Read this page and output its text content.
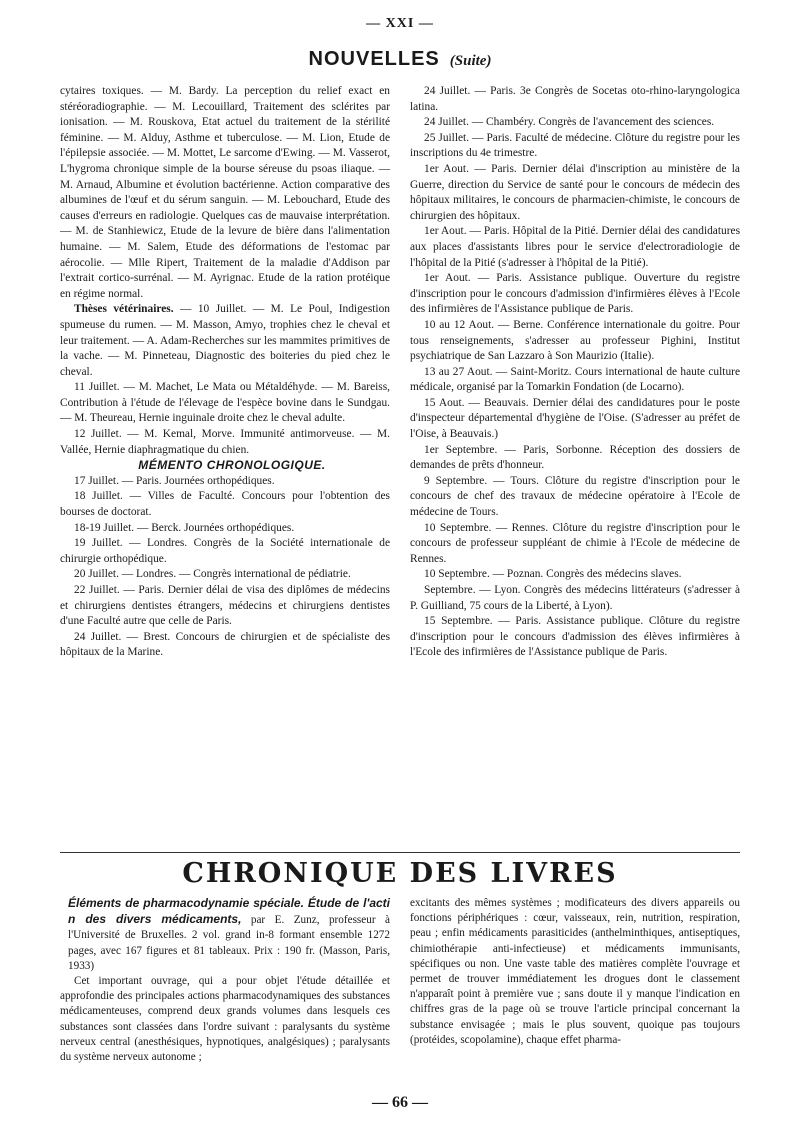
— XXI —
NOUVELLES (Suite)

cytaires toxiques. — M. Bardy. La perception du relief exact en stéréoradiographie. — M. Lecouillard, Traitement des sclérites par ionisation. — M. Rouskova, Etat actuel du traitement de la stérilité féminine. — M. Alduy, Asthme et tuberculose. — M. Lion, Etude de l'épilepsie associée. — M. Mottet, Le sarcome d'Ewing. — M. Vasserot, L'hygroma chronique simple de la bourse séreuse du psoas iliaque. — M. Arnaud, Albumine et évolution bactérienne. Action comparative des albumines de l'œuf et du sérum sanguin. — M. Lebouchard, Etude des causes d'erreurs en radiologie. Quelques cas de mauvaise interprétation. — M. de Stanhiewicz, Etude de la levure de bière dans l'alimentation humaine. — M. Salem, Etude des déformations de l'estomac par aérocolie. — Mlle Ripert, Traitement de la maladie d'Addison par l'extrait cortico-surrénal. — M. Ayrignac. Etude de la ration protéique en régime normal.

Thèses vétérinaires. — 10 Juillet. — M. Le Poul, Indigestion spumeuse du rumen. — M. Masson, Amyo, trophies chez le cheval et leur traitement. — A. Adam-Recherches sur les mammites primitives de la vache. — M. Pinneteau, Diagnostic des boiteries du pied chez le cheval.

11 Juillet. — M. Machet, Le Mata ou Métaldéhyde. — M. Bareiss, Contribution à l'étude de l'élevage de l'espèce bovine dans le Sundgau. — M. Theureau, Hernie inguinale droite chez le cheval adulte.

12 Juillet. — M. Kemal, Morve. Immunité antimorveuse. — M. Vallée, Hernie diaphragmatique du chien.

MÉMENTO CHRONOLOGIQUE.

17 Juillet. — Paris. Journées orthopédiques.

18 Juillet. — Villes de Faculté. Concours pour l'obtention des bourses de doctorat.

18-19 Juillet. — Berck. Journées orthopédiques.

19 Juillet. — Londres. Congrès de la Société internationale de chirurgie orthopédique.

20 Juillet. — Londres. — Congrès international de pédiatrie.

22 Juillet. — Paris. Dernier délai de visa des diplômes de médecins et chirurgiens dentistes étrangers, médecins et chirurgiens dentistes d'une Faculté autre que celle de Paris.

24 Juillet. — Brest. Concours de chirurgien et de spécialiste des hôpitaux de la Marine.

24 Juillet. — Paris. 3e Congrès de Socetas oto-rhino-laryngologica latina.

24 Juillet. — Chambéry. Congrès de l'avancement des sciences.

25 Juillet. — Paris. Faculté de médecine. Clôture du registre pour les inscriptions du 4e trimestre.

1er Aout. — Paris. Dernier délai d'inscription au ministère de la Guerre, direction du Service de santé pour le concours de médecin des hôpitaux militaires, le concours de pharmacien-chimiste, le concours de chirurgien des hôpitaux.

1er Aout. — Paris. Hôpital de la Pitié. Dernier délai des candidatures aux places d'assistants libres pour le service d'electroradiologie de l'hôpital de la Pitié (s'adresser à l'hôpital de la Pitié).

1er Aout. — Paris. Assistance publique. Ouverture du registre d'inscription pour le concours d'admission d'infirmières élèves à l'Ecole des infirmières de l'Assistance publique de Paris.

10 au 12 Aout. — Berne. Conférence internationale du goitre. Pour tous renseignements, s'adresser au professeur Pighini, Institut psychiatrique de San Lazzaro à Son Maurizio (Italie).

13 au 27 Aout. — Saint-Moritz. Cours international de haute culture médicale, organisé par la Tomarkin Fondation (de Locarno).

15 Aout. — Beauvais. Dernier délai des candidatures pour le poste d'inspecteur départemental d'hygiène de l'Oise. (S'adresser au préfet de l'Oise, à Beauvais.)

1er Septembre. — Paris, Sorbonne. Réception des dossiers de demandes de prêts d'honneur.

9 Septembre. — Tours. Clôture du registre d'inscription pour le concours de chef des travaux de médecine opératoire à l'Ecole de médecine de Tours.

10 Septembre. — Rennes. Clôture du registre d'inscription pour le concours de professeur suppléant de chimie à l'Ecole de médecine de Rennes.

10 Septembre. — Poznan. Congrès des médecins slaves.

Septembre. — Lyon. Congrès des médecins littérateurs (s'adresser à P. Guilliand, 75 cours de la Liberté, à Lyon).

15 Septembre. — Paris. Assistance publique. Clôture du registre d'inscription pour le concours d'admission des élèves infirmières à l'Ecole des infirmières de l'Assistance publique de Paris.

CHRONIQUE DES LIVRES

Éléments de pharmacodynamie spéciale. Étude de l'acti n des divers médicaments, par E. Zunz, professeur à l'Université de Bruxelles. 2 vol. grand in-8 formant ensemble 1272 pages, avec 167 figures et 81 tableaux. Prix : 190 fr. (Masson, Paris, 1933)

Cet important ouvrage, qui a pour objet l'étude détaillée et approfondie des principales actions pharmacodynamiques des substances médicamenteuses, comprend deux grands volumes dans lesquels ces substances sont classées dans l'ordre suivant : paralysants du système nerveux central (anesthésiques, hypnotiques, analgésiques) ; paralysants du système nerveux autonome ;

excitants des mêmes systèmes ; modificateurs des divers appareils ou fonctions périphériques : cœur, vaisseaux, rein, nutrition, respiration, peau ; enfin médicaments parasiticides (anthelminthiques, antiseptiques, chimiothérapie anti-infectieuse) et médicaments immunisants, spécifiques ou non. Une vaste table des matières complète l'ouvrage et permet de trouver immédiatement les drogues dont le classement n'apparaît point à première vue ; sans doute il y manque l'indication en chiffres gras de la page où se trouve l'article principal concernant la substance envisagée ; mais le plus souvent, quoique pas toujours (protéides, scopolamine), chaque effet pharma-

— 66 —
